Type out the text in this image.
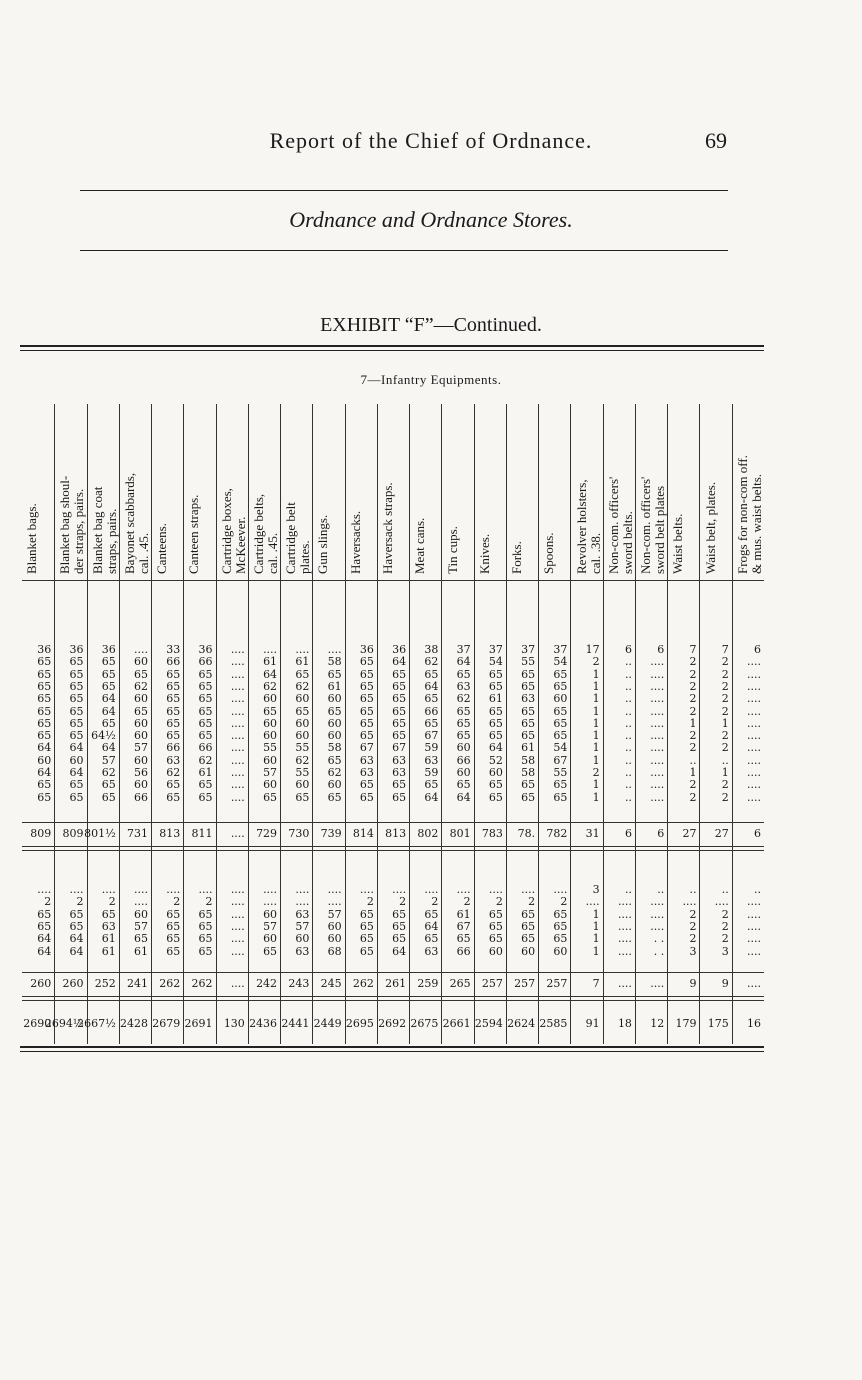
Report of the Chief of Ordnance.	69
Ordnance and Ordnance Stores.
EXHIBIT “F”—Continued.
7—Infantry Equipments.
Blanket bags.
36
65
65
65
65
65
65
65
64
60
64
65
65
809
....
2
65
65
64
64
260
2690
Blanket bag shoul-
der straps, pairs.
36
65
65
65
65
65
65
65
64
60
64
65
65
809
....
2
65
65
64
64
260
2694½
Blanket bag coat
straps, pairs.
36
65
65
65
64
64
65
64½
64
57
62
65
65
801½
....
2
65
63
61
61
252
2667½
Bayonet scabbards,
cal. .45.
....
60
65
62
60
65
60
60
57
60
56
60
66
731
....
....
60
57
65
61
241
2428
Canteens.
33
66
65
65
65
65
65
65
66
63
62
65
65
813
....
2
65
65
65
65
262
2679
Canteen straps.
36
66
65
65
65
65
65
65
66
62
61
65
65
811
....
2
65
65
65
65
262
2691
Cartridge boxes,
McKeever.
....
....
....
....
....
....
....
....
....
....
....
....
....
....
....
....
....
....
....
....
....
130
Cartridge belts,
cal. .45.
....
61
64
62
60
65
60
60
55
60
57
60
65
729
....
....
60
57
60
65
242
2436
Cartridge belt
plates.
....
61
65
62
60
65
60
60
55
62
55
60
65
730
....
....
63
57
60
63
243
2441
Gun slings.
....
58
65
61
60
65
60
60
58
65
62
60
65
739
....
....
57
60
60
68
245
2449
Haversacks.
36
65
65
65
65
65
65
65
67
63
63
65
65
814
....
2
65
65
65
65
262
2695
Haversack straps.
36
64
65
65
65
65
65
65
67
63
63
65
65
813
....
2
65
65
65
64
261
2692
Meat cans.
38
62
65
64
65
66
65
67
59
63
59
65
64
802
....
2
65
64
65
63
259
2675
Tin cups.
37
64
65
63
62
65
65
65
60
66
60
65
64
801
....
2
61
67
65
66
265
2661
Knives.
37
54
65
65
61
65
65
65
64
52
60
65
65
783
....
2
65
65
65
60
257
2594
Forks.
37
55
65
65
63
65
65
65
61
58
58
65
65
78.
....
2
65
65
65
60
257
2624
Spoons.
37
54
65
65
60
65
65
65
54
67
55
65
65
782
....
2
65
65
65
60
257
2585
Revolver holsters,
cal. .38.
17
2
1
1
1
1
1
1
1
1
2
1
1
31
3
....
1
1
1
1
7
91
Non-com. officers'
sword belts.
6
..
..
..
..
..
..
..
..
..
..
..
..
6
..
....
....
....
....
....
....
18
Non-com. officers'
sword belt plates
6
....
....
....
....
....
....
....
....
....
....
....
....
6
..
....
....
....
. .
. .
....
12
Waist belts.
7
2
2
2
2
2
1
2
2
..
1
2
2
27
..
....
2
2
2
3
9
179
Waist belt, plates.
7
2
2
2
2
2
1
2
2
..
1
2
2
27
..
....
2
2
2
3
9
175
Frogs for non-com off.
& mus. waist belts.
6
....
....
....
....
....
....
....
....
....
....
....
....
6
..
....
....
....
....
....
....
16
